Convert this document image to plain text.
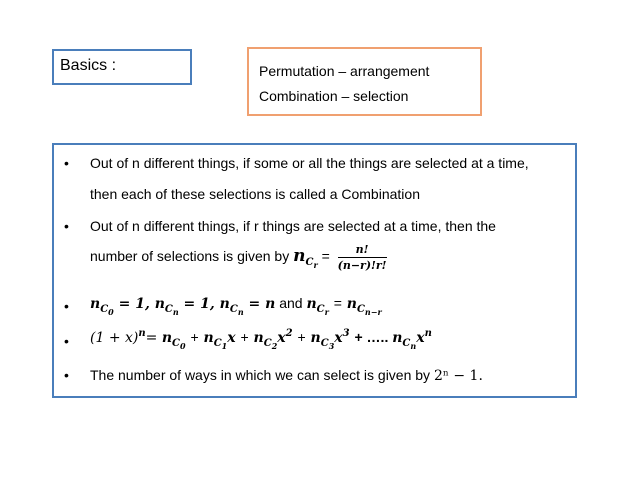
Basics :	Permutation – arrangement
Combination – selection
• Out of n different things, if some or all the things are selected at a time,
then each of these selections is called a Combination
• Out of n different things, if r things are selected at a time, then the
number of selections is given by $n_{C_r} = \frac{n!}{(n-r)!r!}$
• $n_{C_0} = 1$, $n_{C_n} = 1$, $n_{C_n} = n$ and $n_{C_r} = n_{C_{n-r}}$
• $(1 + x)^n= n_{C_0} + n_{C_1}x + n_{C_2}x^2 + n_{C_3}x^3$ + ….. $n_{C_n}x^n$
• The number of ways in which we can select is given by 2ⁿ − 1.
